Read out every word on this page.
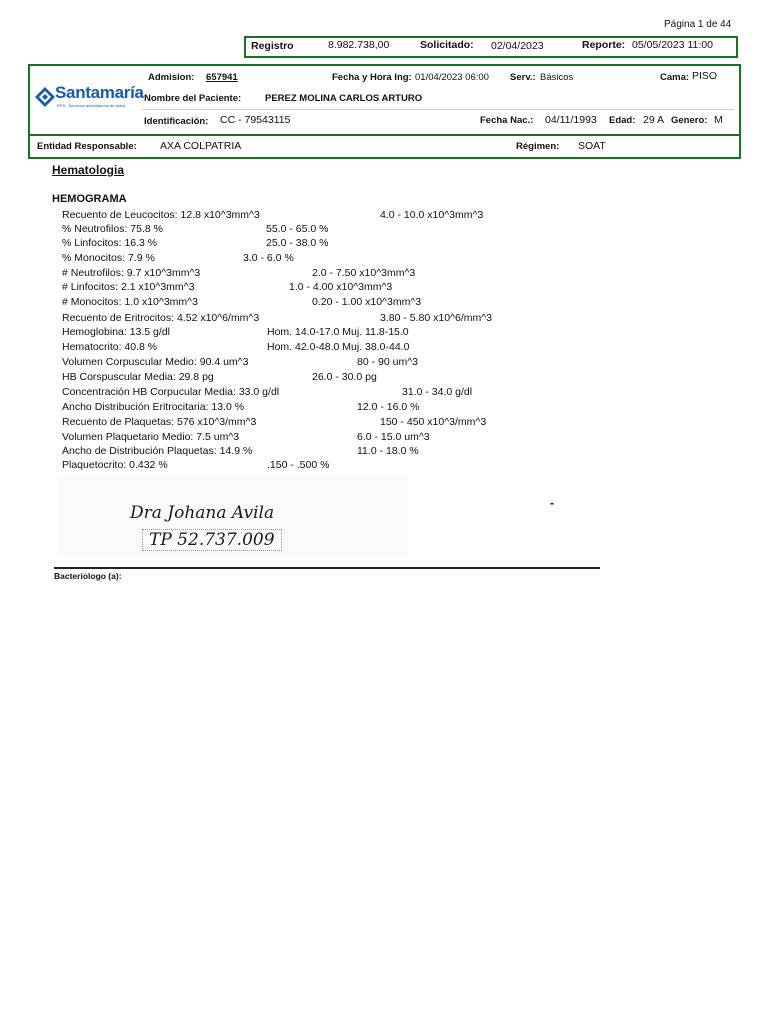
Página 1 de 44
Registro	8.982.738,00	Solicitado: 02/04/2023	Reporte: 05/05/2023 11:00
Santamaría
EPS - Servicios ambulatorios de salud
Admision: 657941	Fecha y Hora Ing: 01/04/2023 06:00 Serv.: Básicos	Cama: PISO
Nombre del Paciente:	PEREZ MOLINA CARLOS ARTURO
Identificación: CC - 79543115	Fecha Nac.: 04/11/1993 Edad: 29 A Genero: M
Entidad Responsable: AXA COLPATRIA	Régimen: SOAT
Hematologia
HEMOGRAMA
Recuento de Leucocitos: 12.8 x10^3mm^3	4.0 - 10.0 x10^3mm^3
% Neutrofilos: 75.8 %	55.0 - 65.0 %
% Linfocitos: 16.3 %	25.0 - 38.0 %
% Monocitos: 7.9 %	3.0 - 6.0 %
# Neutrofilos: 9.7 x10^3mm^3	2.0 - 7.50 x10^3mm^3
# Linfocitos: 2.1 x10^3mm^3	1.0 - 4.00 x10^3mm^3
# Monocitos: 1.0 x10^3mm^3	0.20 - 1.00 x10^3mm^3
Recuento de Eritrocitos: 4.52 x10^6/mm^3	3.80 - 5.80 x10^6/mm^3
Hemoglobina: 13.5 g/dl	Hom. 14.0-17.0 Muj. 11.8-15.0
Hematocrito: 40.8 %	Hom. 42.0-48.0 Muj. 38.0-44.0
Volumen Corpuscular Medio: 90.4 um^3	80 - 90 um^3
HB Corspuscular Media: 29.8 pg	26.0 - 30.0 pg
Concentración HB Corpucular Media: 33.0 g/dl	31.0 - 34.0 g/dl
Ancho Distribución Eritrocitaria: 13.0 %	12.0 - 16.0 %
Recuento de Plaquetas: 576 x10^3/mm^3	150 - 450 x10^3/mm^3
Volumen Plaquetario Medio: 7.5 um^3	6.0 - 15.0 um^3
Ancho de Distribución Plaquetas: 14.9 %	11.0 - 18.0 %
Plaquetocrito: 0.432 %	.150 - .500 %
Dra Johana Avila
TP 52.737.009
-
Bacteriologo (a):
